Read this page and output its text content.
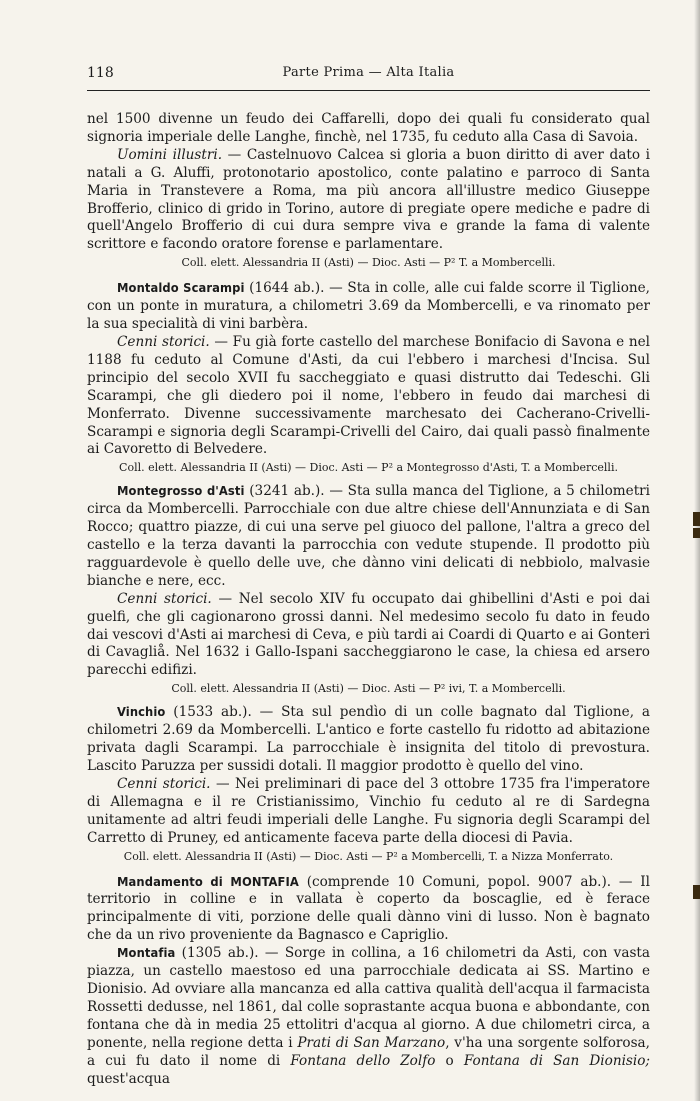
118	Parte Prima — Alta Italia

nel 1500 divenne un feudo dei Caffarelli, dopo dei quali fu considerato qual signoria imperiale delle Langhe, finchè, nel 1735, fu ceduto alla Casa di Savoia.

Uomini illustri. — Castelnuovo Calcea si gloria a buon diritto di aver dato i natali a G. Aluffi, protonotario apostolico, conte palatino e parroco di Santa Maria in Transtevere a Roma, ma più ancora all'illustre medico Giuseppe Brofferio, clinico di grido in Torino, autore di pregiate opere mediche e padre di quell'Angelo Brofferio di cui dura sempre viva e grande la fama di valente scrittore e facondo oratore forense e parlamentare.

Coll. elett. Alessandria II (Asti) — Dioc. Asti — P² T. a Mombercelli.

Montaldo Scarampi (1644 ab.). — Sta in colle, alle cui falde scorre il Tiglione, con un ponte in muratura, a chilometri 3.69 da Mombercelli, e va rinomato per la sua specialità di vini barbèra.

Cenni storici. — Fu già forte castello del marchese Bonifacio di Savona e nel 1188 fu ceduto al Comune d'Asti, da cui l'ebbero i marchesi d'Incisa. Sul principio del secolo XVII fu saccheggiato e quasi distrutto dai Tedeschi. Gli Scarampi, che gli diedero poi il nome, l'ebbero in feudo dai marchesi di Monferrato. Divenne successivamente marchesato dei Cacherano-Crivelli-Scarampi e signoria degli Scarampi-Crivelli del Cairo, dai quali passò finalmente ai Cavoretto di Belvedere.

Coll. elett. Alessandria II (Asti) — Dioc. Asti — P² a Montegrosso d'Asti, T. a Mombercelli.

Montegrosso d'Asti (3241 ab.). — Sta sulla manca del Tiglione, a 5 chilometri circa da Mombercelli. Parrocchiale con due altre chiese dell'Annunziata e di San Rocco; quattro piazze, di cui una serve pel giuoco del pallone, l'altra a greco del castello e la terza davanti la parrocchia con vedute stupende. Il prodotto più ragguardevole è quello delle uve, che dànno vini delicati di nebbiolo, malvasie bianche e nere, ecc.

Cenni storici. — Nel secolo XIV fu occupato dai ghibellini d'Asti e poi dai guelfi, che gli cagionarono grossi danni. Nel medesimo secolo fu dato in feudo dai vescovi d'Asti ai marchesi di Ceva, e più tardi ai Coardi di Quarto e ai Gonteri di Cavagliå. Nel 1632 i Gallo-Ispani saccheggiarono le case, la chiesa ed arsero parecchi edifizi.

Coll. elett. Alessandria II (Asti) — Dioc. Asti — P² ivi, T. a Mombercelli.

Vinchio (1533 ab.). — Sta sul pendìo di un colle bagnato dal Tiglione, a chilometri 2.69 da Mombercelli. L'antico e forte castello fu ridotto ad abitazione privata dagli Scarampi. La parrocchiale è insignita del titolo di prevostura. Lascito Paruzza per sussidi dotali. Il maggior prodotto è quello del vino.

Cenni storici. — Nei preliminari di pace del 3 ottobre 1735 fra l'imperatore di Allemagna e il re Cristianissimo, Vinchio fu ceduto al re di Sardegna unitamente ad altri feudi imperiali delle Langhe. Fu signoria degli Scarampi del Carretto di Pruney, ed anticamente faceva parte della diocesi di Pavia.

Coll. elett. Alessandria II (Asti) — Dioc. Asti — P² a Mombercelli, T. a Nizza Monferrato.

Mandamento di MONTAFIA (comprende 10 Comuni, popol. 9007 ab.). — Il territorio in colline e in vallata è coperto da boscaglie, ed è ferace principalmente di viti, porzione delle quali dànno vini di lusso. Non è bagnato che da un rivo proveniente da Bagnasco e Capriglio.

Montafia (1305 ab.). — Sorge in collina, a 16 chilometri da Asti, con vasta piazza, un castello maestoso ed una parrocchiale dedicata ai SS. Martino e Dionisio. Ad ovviare alla mancanza ed alla cattiva qualità dell'acqua il farmacista Rossetti dedusse, nel 1861, dal colle soprastante acqua buona e abbondante, con fontana che dà in media 25 ettolitri d'acqua al giorno. A due chilometri circa, a ponente, nella regione detta i Prati di San Marzano, v'ha una sorgente solforosa, a cui fu dato il nome di Fontana dello Zolfo o Fontana di San Dionisio; quest'acqua
